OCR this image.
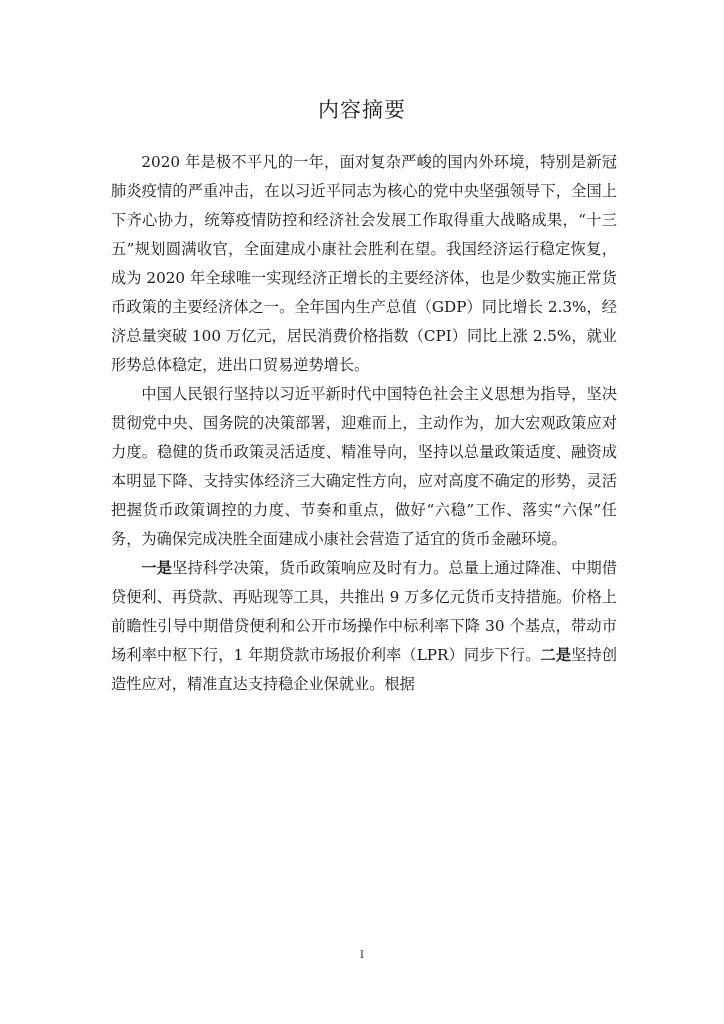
内容摘要

2020 年是极不平凡的一年，面对复杂严峻的国内外环境，特别是新冠肺炎疫情的严重冲击，在以习近平同志为核心的党中央坚强领导下，全国上下齐心协力，统筹疫情防控和经济社会发展工作取得重大战略成果，“十三五”规划圆满收官，全面建成小康社会胜利在望。我国经济运行稳定恢复，成为 2020 年全球唯一实现经济正增长的主要经济体，也是少数实施正常货币政策的主要经济体之一。全年国内生产总值（GDP）同比增长 2.3%，经济总量突破 100 万亿元，居民消费价格指数（CPI）同比上涨 2.5%，就业形势总体稳定，进出口贸易逆势增长。

中国人民银行坚持以习近平新时代中国特色社会主义思想为指导，坚决贯彻党中央、国务院的决策部署，迎难而上，主动作为，加大宏观政策应对力度。稳健的货币政策灵活适度、精准导向，坚持以总量政策适度、融资成本明显下降、支持实体经济三大确定性方向，应对高度不确定的形势，灵活把握货币政策调控的力度、节奏和重点，做好“六稳”工作、落实“六保”任务，为确保完成决胜全面建成小康社会营造了适宜的货币金融环境。

一是坚持科学决策，货币政策响应及时有力。总量上通过降准、中期借贷便利、再贷款、再贴现等工具，共推出 9 万多亿元货币支持措施。价格上前瞻性引导中期借贷便利和公开市场操作中标利率下降 30 个基点，带动市场利率中枢下行，1 年期贷款市场报价利率（LPR）同步下行。二是坚持创造性应对，精准直达支持稳企业保就业。根据

I
